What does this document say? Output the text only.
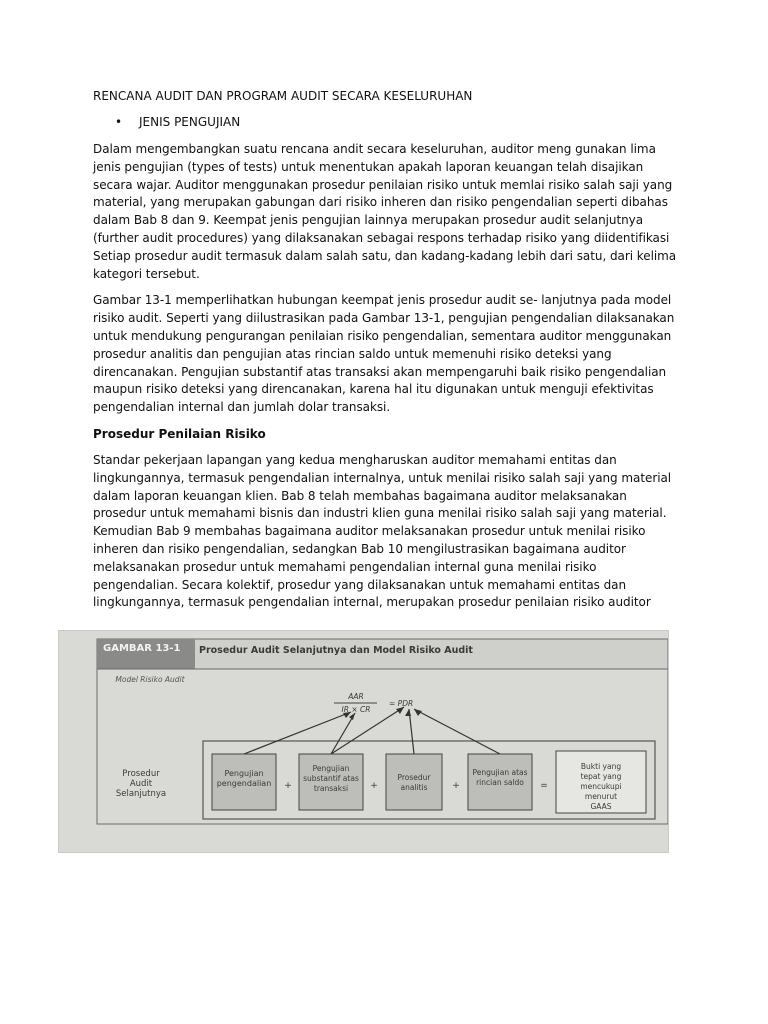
RENCANA AUDIT DAN PROGRAM AUDIT SECARA KESELURUHAN
•	JENIS PENGUJIAN

Dalam mengembangkan suatu rencana andit secara keseluruhan, auditor meng gunakan lima jenis pengujian (types of tests) untuk menentukan apakah laporan keuangan telah disajikan secara wajar. Auditor menggunakan prosedur penilaian risiko untuk memlai risiko salah saji yang material, yang merupakan gabungan dari risiko inheren dan risiko pengendalian seperti dibahas dalam Bab 8 dan 9. Keempat jenis pengujian lainnya merupakan prosedur audit selanjutnya (further audit procedures) yang dilaksanakan sebagai respons terhadap risiko yang diidentifikasi Setiap prosedur audit termasuk dalam salah satu, dan kadang-kadang lebih dari satu, dari kelima kategori tersebut.

Gambar 13-1 memperlihatkan hubungan keempat jenis prosedur audit se- lanjutnya pada model risiko audit. Seperti yang diilustrasikan pada Gambar 13-1, pengujian pengendalian dilaksanakan untuk mendukung pengurangan penilaian risiko pengendalian, sementara auditor menggunakan prosedur analitis dan pengujian atas rincian saldo untuk memenuhi risiko deteksi yang direncanakan. Pengujian substantif atas transaksi akan mempengaruhi baik risiko pengendalian maupun risiko deteksi yang direncanakan, karena hal itu digunakan untuk menguji efektivitas pengendalian internal dan jumlah dolar transaksi.

Prosedur Penilaian Risiko

Standar pekerjaan lapangan yang kedua mengharuskan auditor memahami entitas dan lingkungannya, termasuk pengendalian internalnya, untuk menilai risiko salah saji yang material dalam laporan keuangan klien. Bab 8 telah membahas bagaimana auditor melaksanakan prosedur untuk memahami bisnis dan industri klien guna menilai risiko salah saji yang material. Kemudian Bab 9 membahas bagaimana auditor melaksanakan prosedur untuk menilai risiko inheren dan risiko pengendalian, sedangkan Bab 10 mengilustrasikan bagaimana auditor melaksanakan prosedur untuk memahami pengendalian internal guna menilai risiko pengendalian. Secara kolektif, prosedur yang dilaksanakan untuk memahami entitas dan lingkungannya, termasuk pengendalian internal, merupakan prosedur penilaian risiko auditor

GAMBAR 13-1	Prosedur Audit Selanjutnya dan Model Risiko Audit
Model Risiko Audit
AAR
IR × CR
= PDR
Prosedur Audit Selanjutnya
Pengujian pengendalian
Pengujian substantif atas transaksi
Prosedur analitis
Pengujian atas rincian saldo
+	+	+	=
Bukti yang tepat yang mencukupi menurut GAAS
